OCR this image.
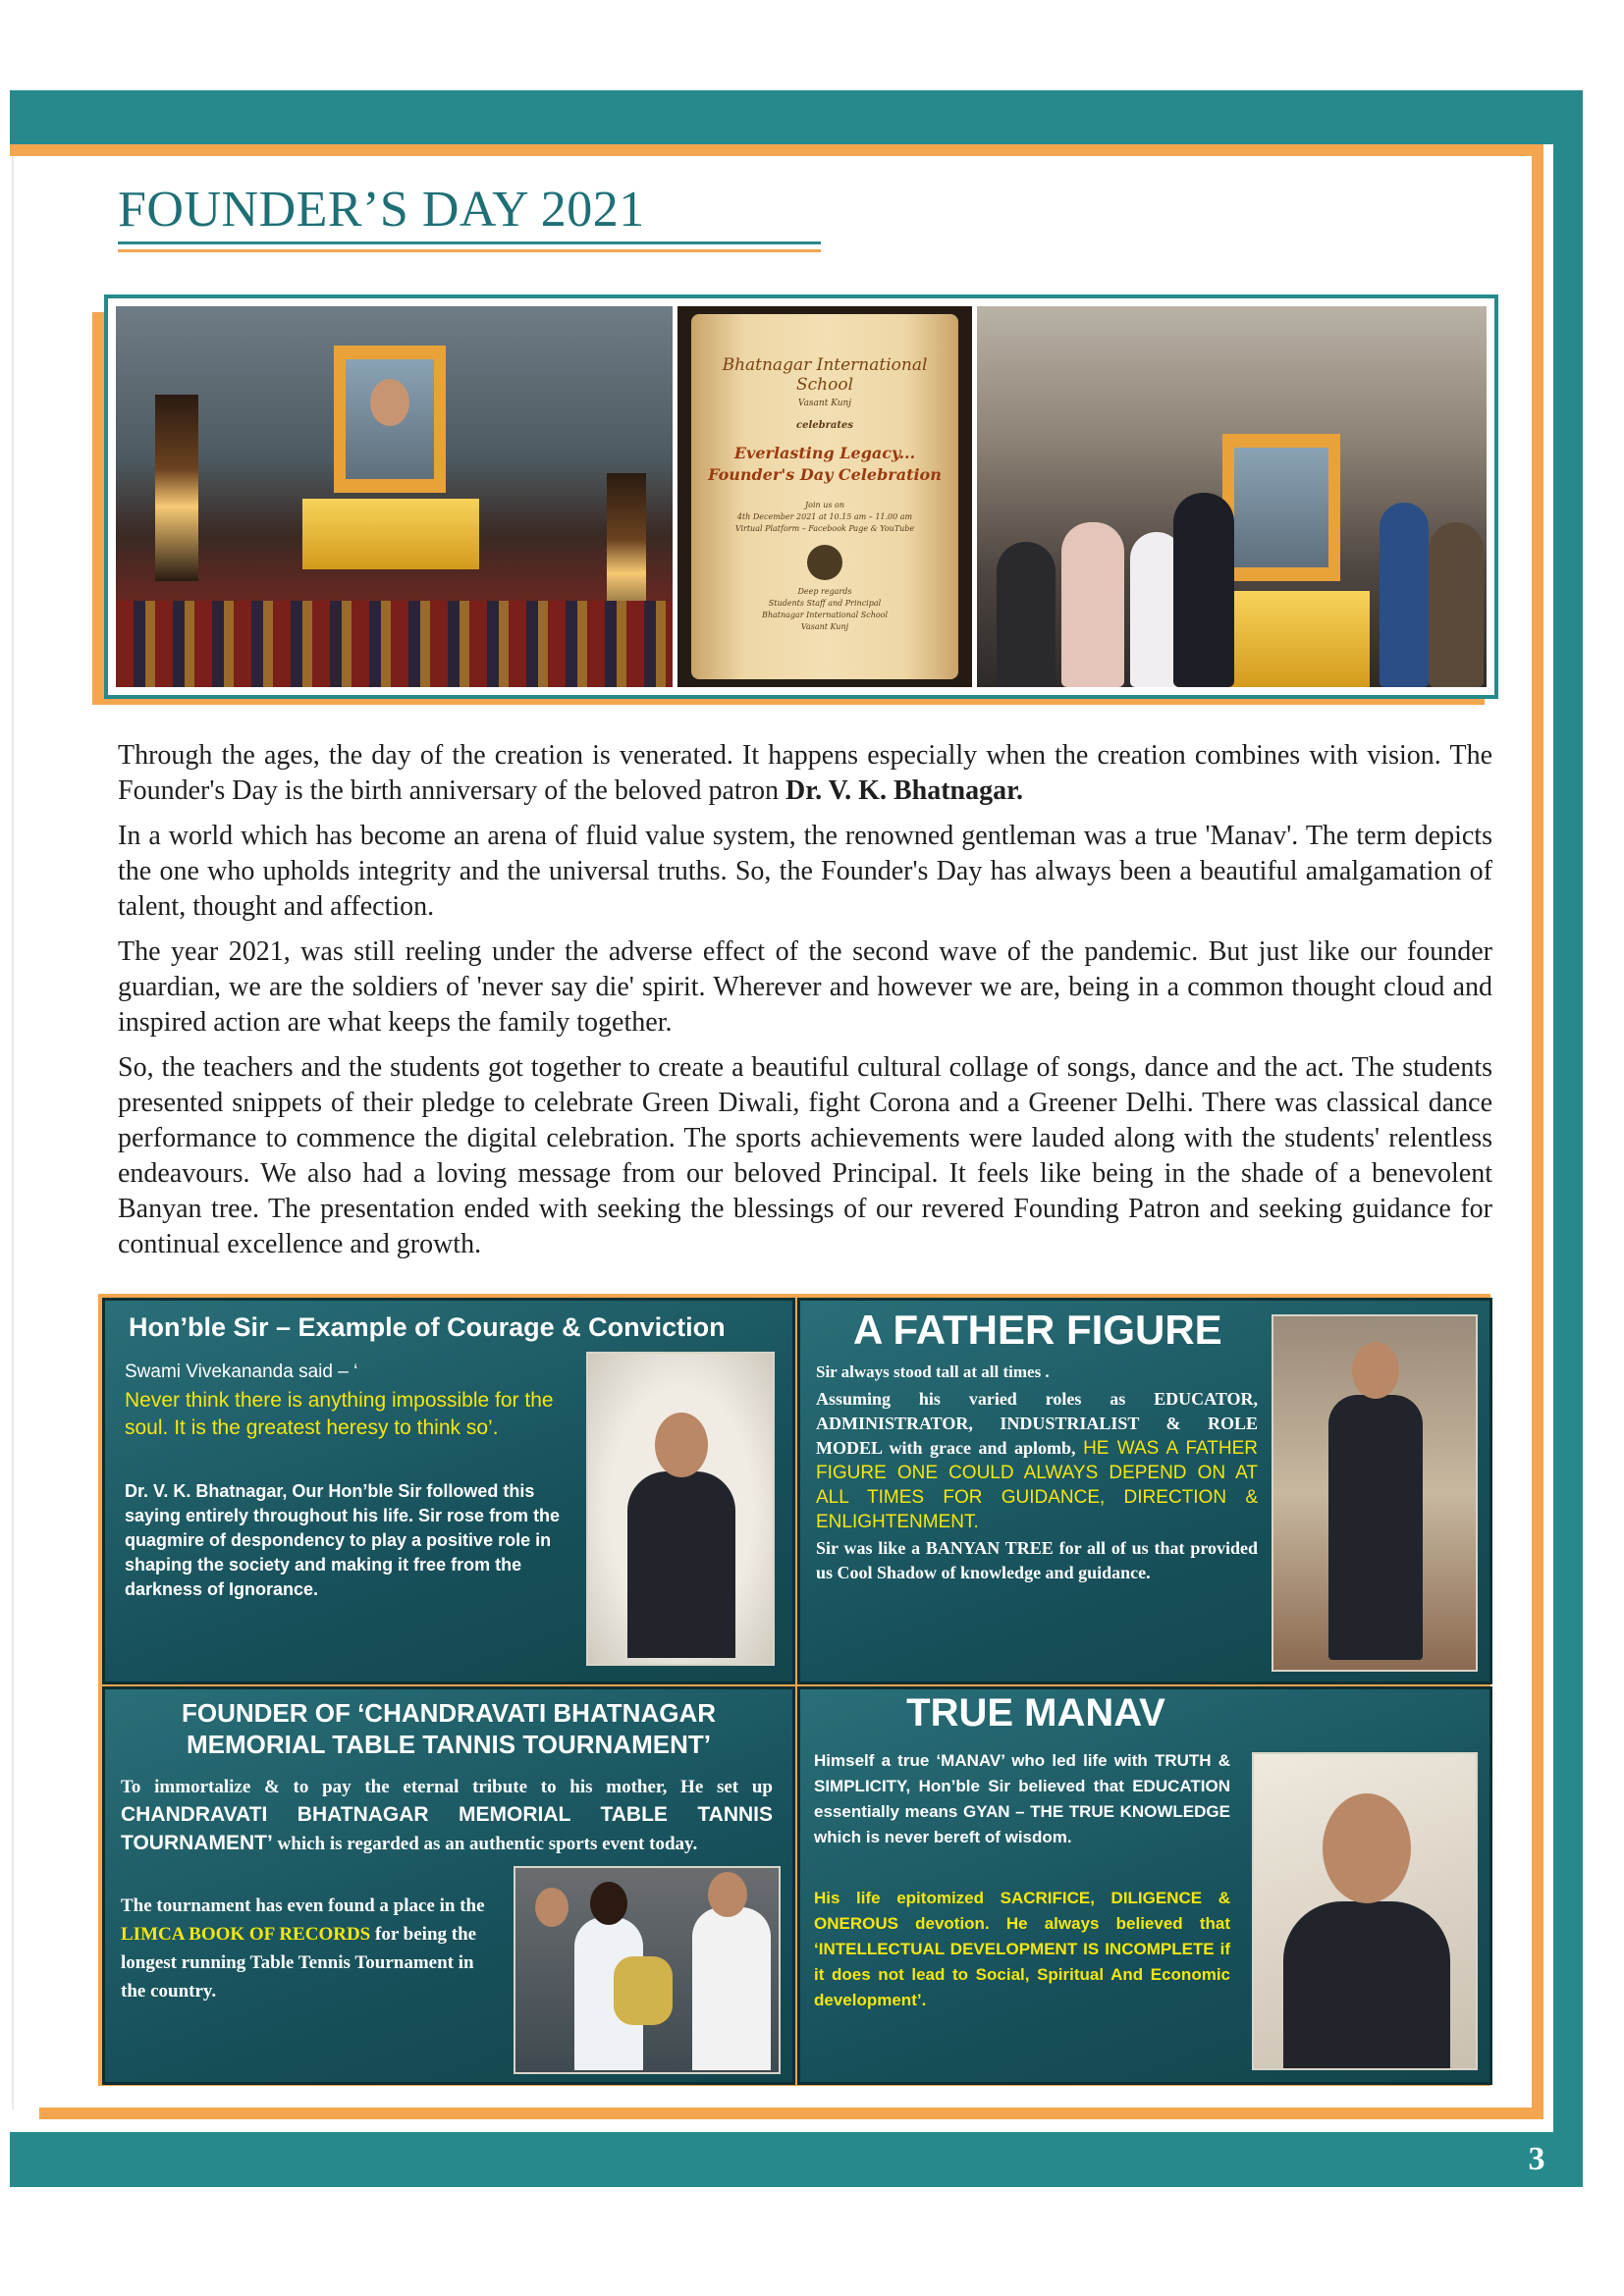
3
FOUNDER’S DAY 2021
Bhatnagar International School
Vasant Kunj
celebrates
Everlasting Legacy...
Founder's Day Celebration
Join us on
4th December 2021 at 10.15 am – 11.00 am
Virtual Platform – Facebook Page & YouTube
Deep regards
Students Staff and Principal
Bhatnagar International School
Vasant Kunj

Through the ages, the day of the creation is venerated. It happens especially when the creation combines with vision. The Founder's Day is the birth anniversary of the beloved patron Dr. V. K. Bhatnagar.

In a world which has become an arena of fluid value system, the renowned gentleman was a true 'Manav'. The term depicts the one who upholds integrity and the universal truths. So, the Founder's Day has always been a beautiful amalgamation of talent, thought and affection.

The year 2021, was still reeling under the adverse effect of the second wave of the pandemic. But just like our founder guardian, we are the soldiers of 'never say die' spirit. Wherever and however we are, being in a common thought cloud and inspired action are what keeps the family together.

So, the teachers and the students got together to create a beautiful cultural collage of songs, dance and the act. The students presented snippets of their pledge to celebrate Green Diwali, fight Corona and a Greener Delhi. There was classical dance performance to commence the digital celebration. The sports achievements were lauded along with the students' relentless endeavours. We also had a loving message from our beloved Principal. It feels like being in the shade of a benevolent Banyan tree. The presentation ended with seeking the blessings of our revered Founding Patron and seeking guidance for continual excellence and growth.

Hon’ble Sir – Example of Courage & Conviction
Swami Vivekananda said – ‘
Never think there is anything impossible for the soul. It is the greatest heresy to think so’.
Dr. V. K. Bhatnagar, Our Hon’ble Sir followed this saying entirely throughout his life. Sir rose from the quagmire of despondency to play a positive role in shaping the society and making it free from the darkness of Ignorance.
A FATHER FIGURE
Sir always stood tall at all times .
Assuming his varied roles as EDUCATOR, ADMINISTRATOR, INDUSTRIALIST & ROLE MODEL with grace and aplomb, HE WAS A FATHER FIGURE ONE COULD ALWAYS DEPEND ON AT ALL TIMES FOR GUIDANCE, DIRECTION & ENLIGHTENMENT.
Sir was like a BANYAN TREE for all of us that provided us Cool Shadow of knowledge and guidance.
FOUNDER OF ‘CHANDRAVATI BHATNAGAR
MEMORIAL TABLE TANNIS TOURNAMENT’
To immortalize & to pay the eternal tribute to his mother, He set up CHANDRAVATI BHATNAGAR MEMORIAL TABLE TANNIS TOURNAMENT’ which is regarded as an authentic sports event today.
The tournament has even found a place in the LIMCA BOOK OF RECORDS for being the longest running Table Tennis Tournament in the country.
TRUE MANAV
Himself a true ‘MANAV’ who led life with TRUTH & SIMPLICITY, Hon’ble Sir believed that EDUCATION essentially means GYAN – THE TRUE KNOWLEDGE which is never bereft of wisdom.
His life epitomized SACRIFICE, DILIGENCE & ONEROUS devotion. He always believed that ‘INTELLECTUAL DEVELOPMENT IS INCOMPLETE if it does not lead to Social, Spiritual And Economic development’.
